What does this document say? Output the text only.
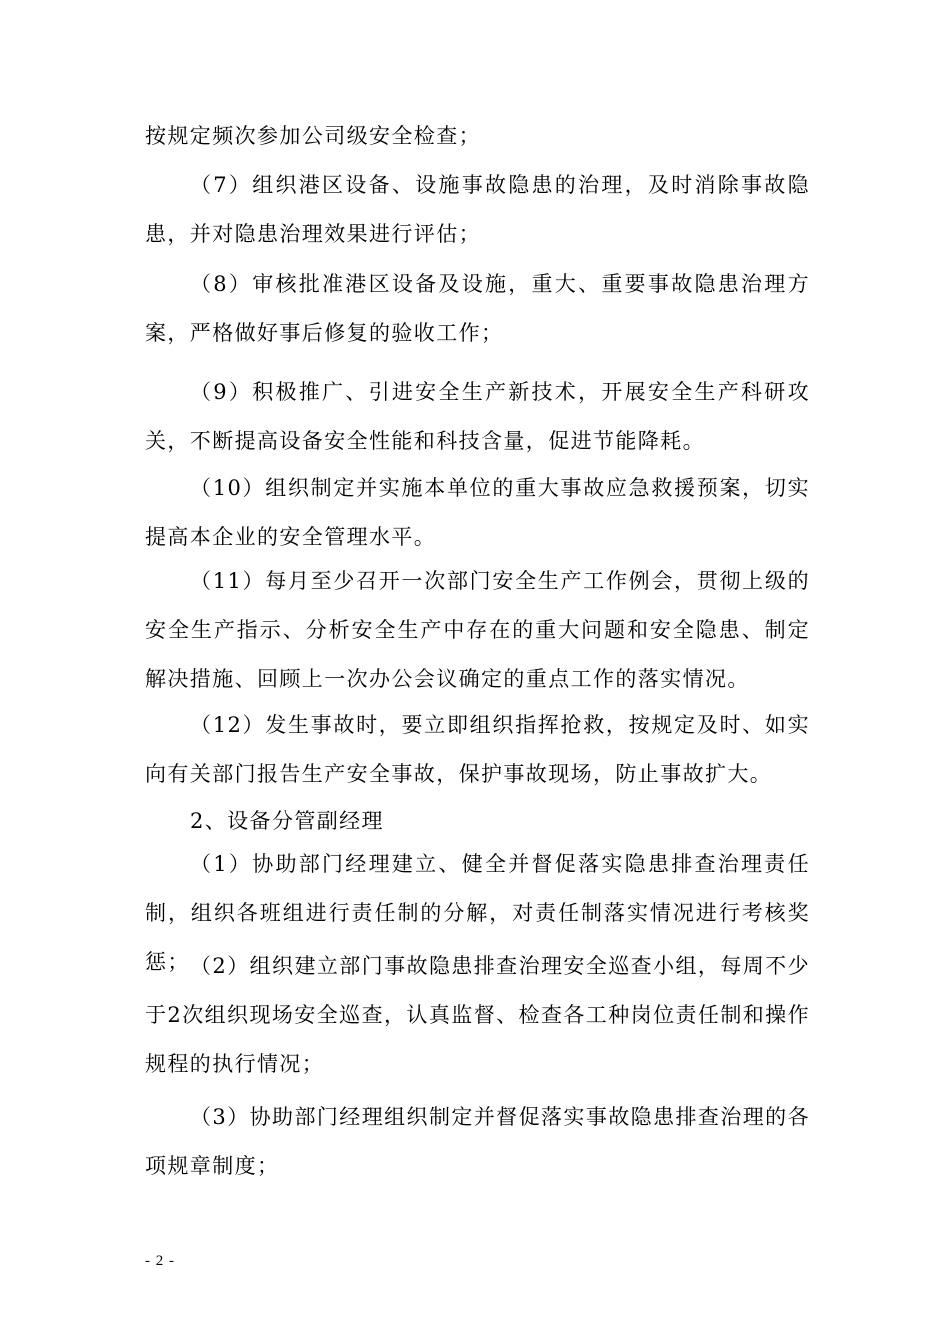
按规定频次参加公司级安全检查；

（7）组织港区设备、设施事故隐患的治理，及时消除事故隐患，并对隐患治理效果进行评估；

（8）审核批准港区设备及设施，重大、重要事故隐患治理方案，严格做好事后修复的验收工作；

（9）积极推广、引进安全生产新技术，开展安全生产科研攻关，不断提高设备安全性能和科技含量，促进节能降耗。

（10）组织制定并实施本单位的重大事故应急救援预案，切实提高本企业的安全管理水平。

（11）每月至少召开一次部门安全生产工作例会，贯彻上级的安全生产指示、分析安全生产中存在的重大问题和安全隐患、制定解决措施、回顾上一次办公会议确定的重点工作的落实情况。

（12）发生事故时，要立即组织指挥抢救，按规定及时、如实向有关部门报告生产安全事故，保护事故现场，防止事故扩大。

2、设备分管副经理

（1）协助部门经理建立、健全并督促落实隐患排查治理责任制，组织各班组进行责任制的分解，对责任制落实情况进行考核奖惩； （2）组织建立部门事故隐患排查治理安全巡查小组，每周不少于2次组织现场安全巡查，认真监督、检查各工种岗位责任制和操作规程的执行情况；

（3）协助部门经理组织制定并督促落实事故隐患排查治理的各项规章制度；

- 2 -
